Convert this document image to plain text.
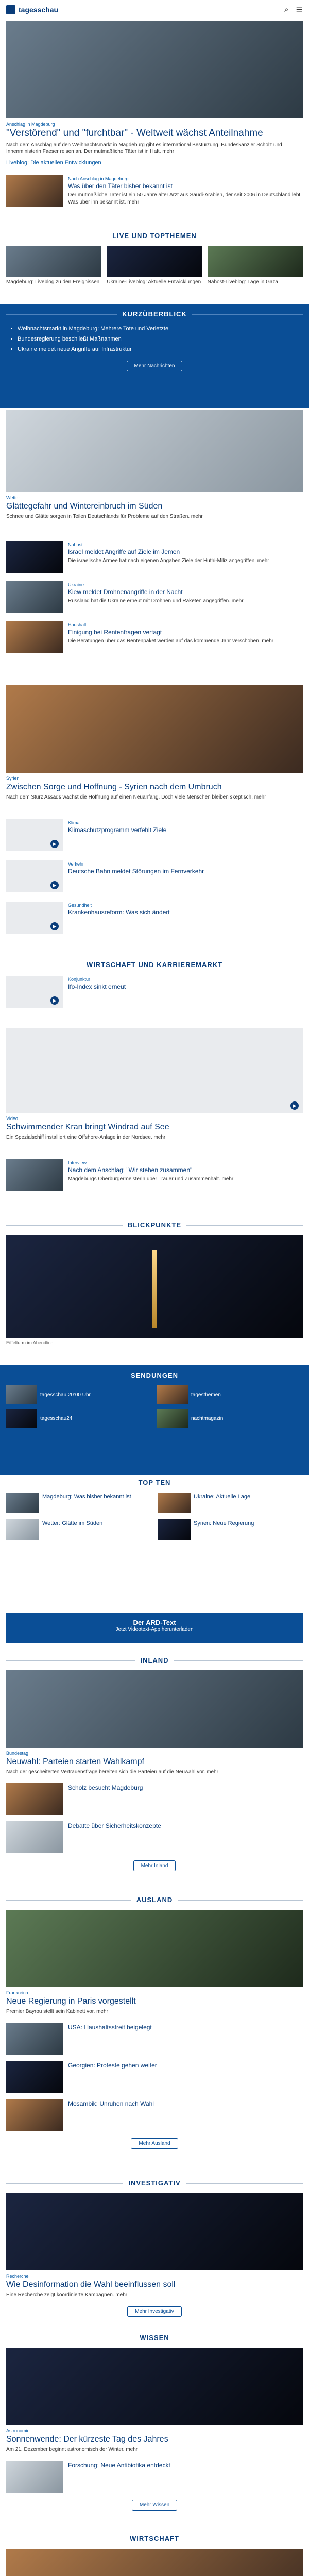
tagesschau	⌕ ☰
Anschlag in Magdeburg
"Verstörend" und "furchtbar" - Weltweit wächst Anteilnahme
Nach dem Anschlag auf den Weihnachtsmarkt in Magdeburg gibt es international Bestürzung. Bundeskanzler Scholz und Innenministerin Faeser reisen an. Der mutmaßliche Täter ist in Haft. mehr
Liveblog: Die aktuellen Entwicklungen
Nach Anschlag in Magdeburg
Was über den Täter bisher bekannt ist
Der mutmaßliche Täter ist ein 50 Jahre alter Arzt aus Saudi-Arabien, der seit 2006 in Deutschland lebt. Was über ihn bekannt ist. mehr
LIVE UND TOPTHEMEN
Magdeburg: Liveblog zu den Ereignissen	Ukraine-Liveblog: Aktuelle Entwicklungen Nahost-Liveblog: Lage in Gaza
KURZÜBERBLICK
• Weihnachtsmarkt in Magdeburg: Mehrere Tote und Verletzte
• Bundesregierung beschließt Maßnahmen
• Ukraine meldet neue Angriffe auf Infrastruktur
Mehr Nachrichten
Wetter
Glättegefahr und Wintereinbruch im Süden
Schnee und Glätte sorgen in Teilen Deutschlands für Probleme auf den Straßen. mehr
Nahost
Israel meldet Angriffe auf Ziele im Jemen
Die israelische Armee hat nach eigenen Angaben Ziele der Huthi-Miliz angegriffen. mehr
Ukraine
Kiew meldet Drohnenangriffe in der Nacht
Russland hat die Ukraine erneut mit Drohnen und Raketen angegriffen. mehr
Haushalt
Einigung bei Rentenfragen vertagt
Die Beratungen über das Rentenpaket werden auf das kommende Jahr verschoben. mehr
Syrien
Zwischen Sorge und Hoffnung - Syrien nach dem Umbruch
Nach dem Sturz Assads wächst die Hoffnung auf einen Neuanfang. Doch viele Menschen bleiben skeptisch. mehr
▶
Klima
Klimaschutzprogramm verfehlt Ziele
▶
Verkehr
Deutsche Bahn meldet Störungen im Fernverkehr
▶
Gesundheit
Krankenhausreform: Was sich ändert
WIRTSCHAFT UND KARRIEREMARKT
▶
Konjunktur
Ifo-Index sinkt erneut
▶
Video
Schwimmender Kran bringt Windrad auf See
Ein Spezialschiff installiert eine Offshore-Anlage in der Nordsee. mehr
Interview
Nach dem Anschlag: "Wir stehen zusammen"
Magdeburgs Oberbürgermeisterin über Trauer und Zusammenhalt. mehr
BLICKPUNKTE
Eiffelturm im Abendlicht
SENDUNGEN
tagesschau 20:00 Uhr	tagesthemen
tagesschau24	nachtmagazin
TOP TEN
Magdeburg: Was bisher bekannt ist	Ukraine: Aktuelle Lage
Wetter: Glätte im Süden	Syrien: Neue Regierung
Der ARD-Text
Jetzt Videotext-App herunterladen
INLAND
Bundestag
Neuwahl: Parteien starten Wahlkampf
Nach der gescheiterten Vertrauensfrage bereiten sich die Parteien auf die Neuwahl vor. mehr
Scholz besucht Magdeburg
Debatte über Sicherheitskonzepte
Mehr Inland
AUSLAND
Frankreich
Neue Regierung in Paris vorgestellt
Premier Bayrou stellt sein Kabinett vor. mehr
USA: Haushaltsstreit beigelegt
Georgien: Proteste gehen weiter
Mosambik: Unruhen nach Wahl
Mehr Ausland
INVESTIGATIV
Recherche
Wie Desinformation die Wahl beeinflussen soll
Eine Recherche zeigt koordinierte Kampagnen. mehr
Mehr Investigativ
WISSEN
Astronomie
Sonnenwende: Der kürzeste Tag des Jahres
Am 21. Dezember beginnt astronomisch der Winter. mehr
Forschung: Neue Antibiotika entdeckt
Mehr Wissen
WIRTSCHAFT
